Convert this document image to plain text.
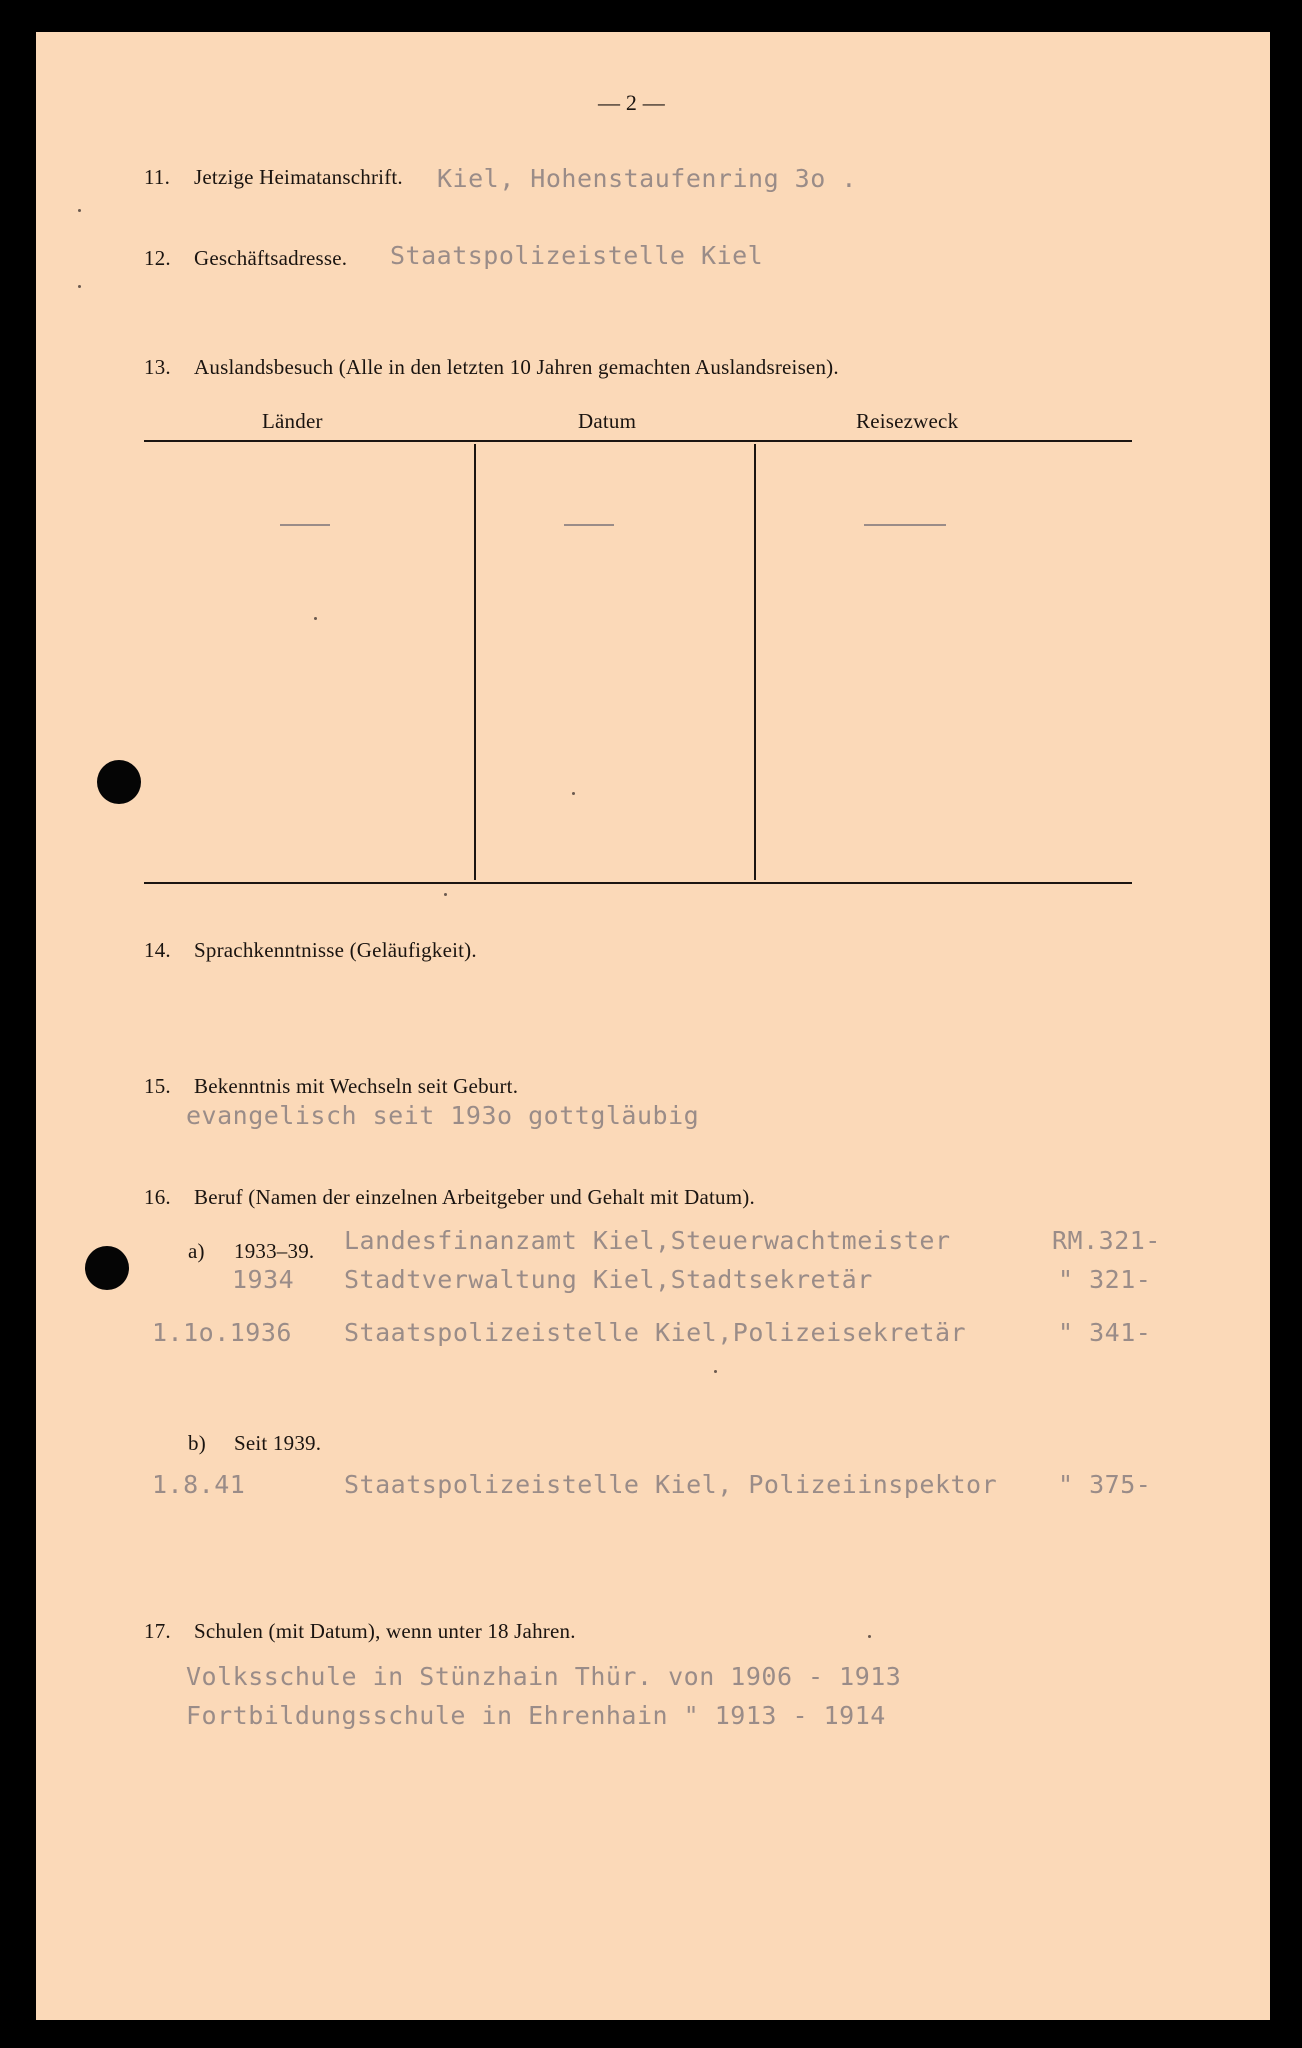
— 2 —
11. Jetzige Heimatanschrift. Kiel, Hohenstaufenring 3o .
12. Geschäftsadresse. Staatspolizeistelle Kiel
13. Auslandsbesuch (Alle in den letzten 10 Jahren gemachten Auslandsreisen).
Länder	Datum	Reisezweck
14. Sprachkenntnisse (Geläufigkeit).
15. Bekenntnis mit Wechseln seit Geburt.
evangelisch seit 193o gottgläubig
16. Beruf (Namen der einzelnen Arbeitgeber und Gehalt mit Datum).
a) 1933–39. Landesfinanzamt Kiel,Steuerwachtmeister	RM.321-
1934 Stadtverwaltung Kiel,Stadtsekretär	" 321-
1.1o.1936 Staatspolizeistelle Kiel,Polizeisekretär	" 341-
b) Seit 1939.
1.8.41	Staatspolizeistelle Kiel, Polizeiinspektor " 375-
17. Schulen (mit Datum), wenn unter 18 Jahren.
Volksschule in Stünzhain Thür. von 1906 - 1913
Fortbildungsschule in Ehrenhain " 1913 - 1914
